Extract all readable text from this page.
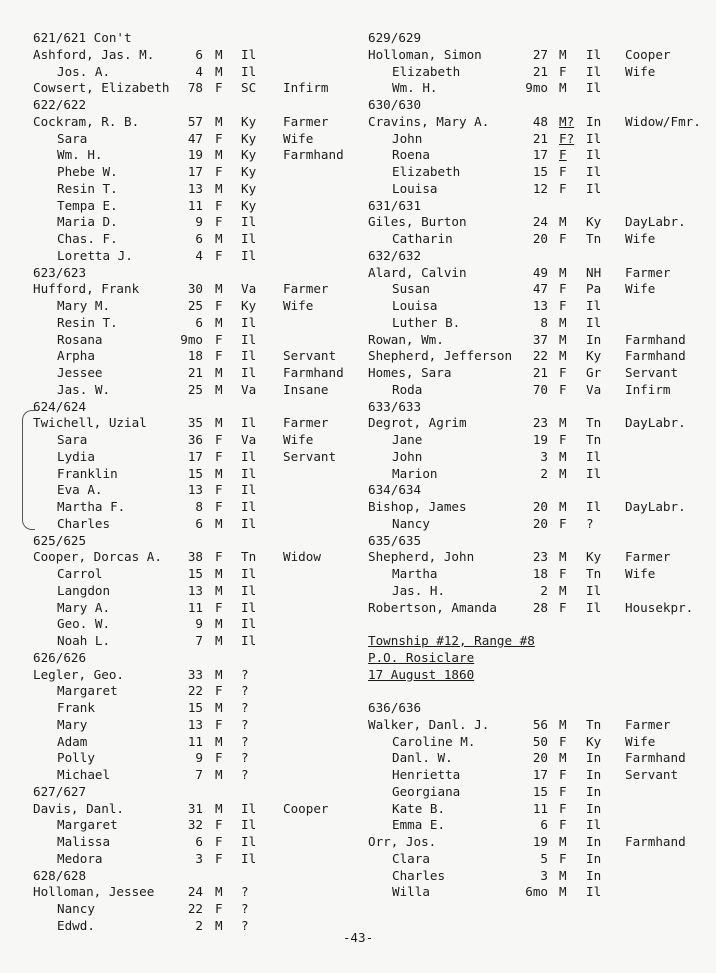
621/621 Con't
Ashford, Jas. M.	6 M Il
Jos. A.	4 M Il
Cowsert, Elizabeth	78 F SC Infirm
622/622
Cockram, R. B.	57 M Ky Farmer
Sara	47 F Ky Wife
Wm. H.	19 M Ky Farmhand
Phebe W.	17 F Ky
Resin T.	13 M Ky
Tempa E.	11 F Ky
Maria D.	9 F Il
Chas. F.	6 M Il
Loretta J.	4 F Il
623/623
Hufford, Frank	30 M Va Farmer
Mary M.	25 F Ky Wife
Resin T.	6 M Il
Rosana	9mo F Il
Arpha	18 F Il Servant
Jessee	21 M Il Farmhand
Jas. W.	25 M Va Insane
624/624
Twichell, Uzial	35 M Il Farmer
Sara	36 F Va Wife
Lydia	17 F Il Servant
Franklin	15 M Il
Eva A.	13 F Il
Martha F.	8 F Il
Charles	6 M Il
625/625
Cooper, Dorcas A.	38 F Tn Widow
Carrol	15 M Il
Langdon	13 M Il
Mary A.	11 F Il
Geo. W.	9 M Il
Noah L.	7 M Il
626/626
Legler, Geo.	33 M ?
Margaret	22 F ?
Frank	15 M ?
Mary	13 F ?
Adam	11 M ?
Polly	9 F ?
Michael	7 M ?
627/627
Davis, Danl.	31 M Il Cooper
Margaret	32 F Il
Malissa	6 F Il
Medora	3 F Il
628/628
Holloman, Jessee	24 M ?
Nancy	22 F ?
Edwd.	2 M ?
629/629
Holloman, Simon	27 M Il Cooper
Elizabeth	21 F Il Wife
Wm. H.	9mo M Il
630/630
Cravins, Mary A.	48 M? In Widow/Fmr.
John	21 F? Il
Roena	17 F Il
Elizabeth	15 F Il
Louisa	12 F Il
631/631
Giles, Burton	24 M Ky DayLabr.
Catharin	20 F Tn Wife
632/632
Alard, Calvin	49 M NH Farmer
Susan	47 F Pa Wife
Louisa	13 F Il
Luther B.	8 M Il
Rowan, Wm.	37 M In Farmhand
Shepherd, Jefferson	22 M Ky Farmhand
Homes, Sara	21 F Gr Servant
Roda	70 F Va Infirm
633/633
Degrot, Agrim	23 M Tn DayLabr.
Jane	19 F Tn
John	3 M Il
Marion	2 M Il
634/634
Bishop, James	20 M Il DayLabr.
Nancy	20 F ?
635/635
Shepherd, John	23 M Ky Farmer
Martha	18 F Tn Wife
Jas. H.	2 M Il
Robertson, Amanda	28 F Il Housekpr.
Township #12, Range #8
P.O. Rosiclare
17 August 1860
636/636
Walker, Danl. J.	56 M Tn Farmer
Caroline M.	50 F Ky Wife
Danl. W.	20 M In Farmhand
Henrietta	17 F In Servant
Georgiana	15 F In
Kate B.	11 F In
Emma E.	6 F Il
Orr, Jos.	19 M In Farmhand
Clara	5 F In
Charles	3 M In
Willa	6mo M Il
-43-
